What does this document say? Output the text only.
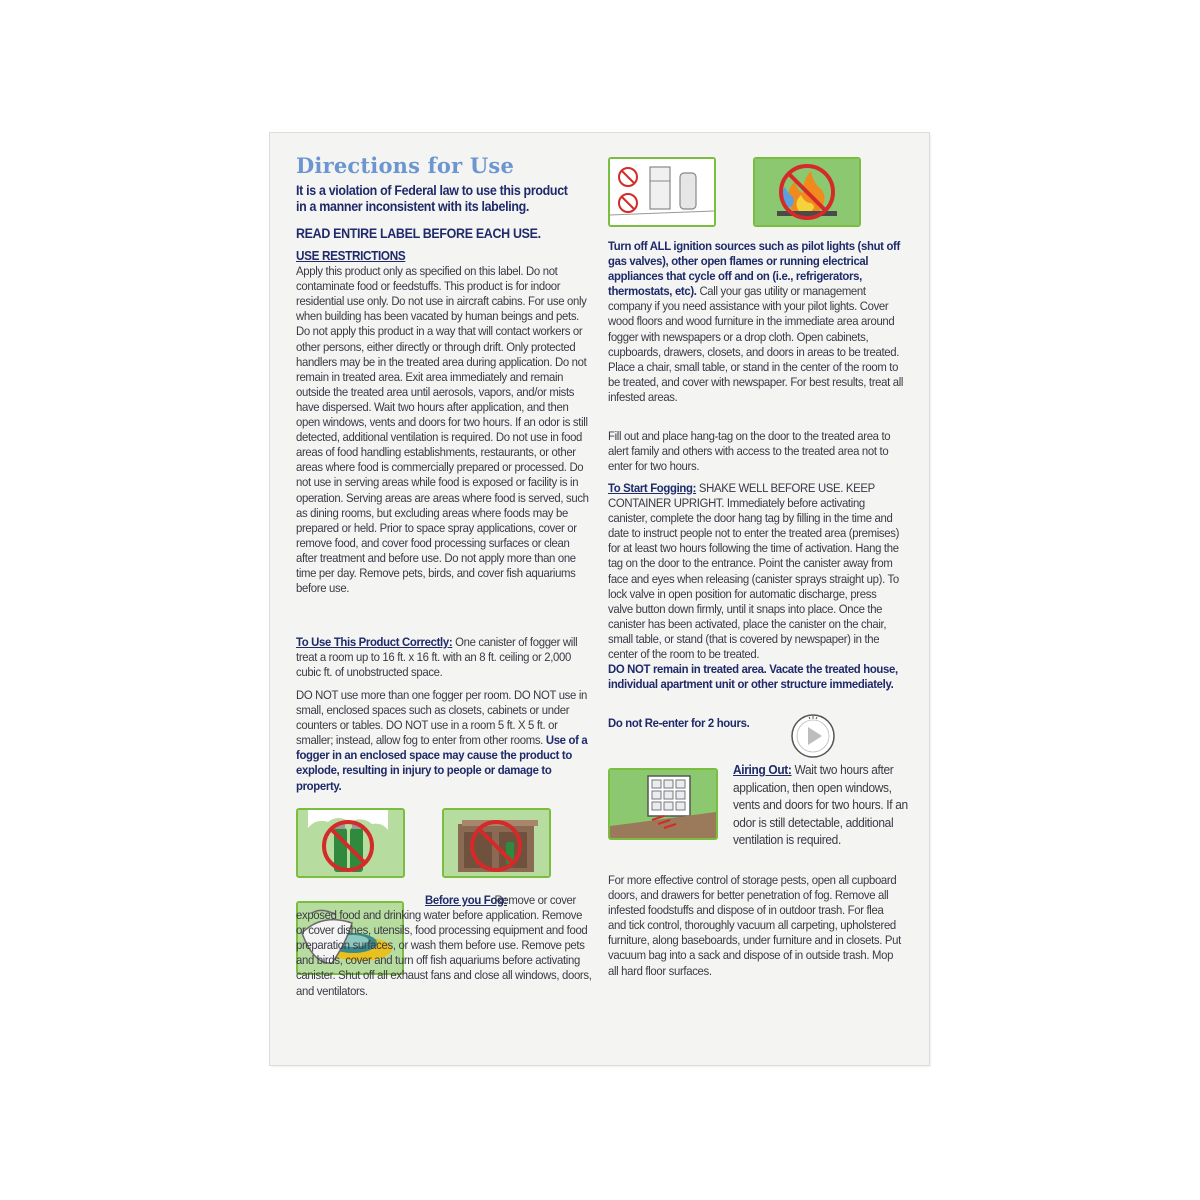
Directions for Use

It is a violation of Federal law to use this product in a manner inconsistent with its labeling.

READ ENTIRE LABEL BEFORE EACH USE.

USE RESTRICTIONS

Apply this product only as specified on this label. Do not contaminate food or feedstuffs. This product is for indoor residential use only. Do not use in aircraft cabins. For use only when building has been vacated by human beings and pets. Do not apply this product in a way that will contact workers or other persons, either directly or through drift. Only protected handlers may be in the treated area during application. Do not remain in treated area. Exit area immediately and remain outside the treated area until aerosols, vapors, and/or mists have dispersed. Wait two hours after application, and then open windows, vents and doors for two hours. If an odor is still detected, additional ventilation is required. Do not use in food areas of food handling establishments, restaurants, or other areas where food is commercially prepared or processed. Do not use in serving areas while food is exposed or facility is in operation. Serving areas are areas where food is served, such as dining rooms, but excluding areas where foods may be prepared or held. Prior to space spray applications, cover or remove food, and cover food processing surfaces or clean after treatment and before use. Do not apply more than one time per day. Remove pets, birds, and cover fish aquariums before use.

To Use This Product Correctly: One canister of fogger will treat a room up to 16 ft. x 16 ft. with an 8 ft. ceiling or 2,000 cubic ft. of unobstructed space.

DO NOT use more than one fogger per room. DO NOT use in small, enclosed spaces such as closets, cabinets or under counters or tables. DO NOT use in a room 5 ft. X 5 ft. or smaller; instead, allow fog to enter from other rooms. Use of a fogger in an enclosed space may cause the product to explode, resulting in injury to people or damage to property.

Before you Fog:

Remove or cover exposed food and drinking water before application. Remove or cover dishes, utensils, food processing equipment and food preparation surfaces, or wash them before use. Remove pets and birds, cover and turn off fish aquariums before activating canister. Shut off all exhaust fans and close all windows, doors, and ventilators.

Turn off ALL ignition sources such as pilot lights (shut off gas valves), other open flames or running electrical appliances that cycle off and on (i.e., refrigerators, thermostats, etc). Call your gas utility or management company if you need assistance with your pilot lights. Cover wood floors and wood furniture in the immediate area around fogger with newspapers or a drop cloth. Open cabinets, cupboards, drawers, closets, and doors in areas to be treated. Place a chair, small table, or stand in the center of the room to be treated, and cover with newspaper. For best results, treat all infested areas.

Fill out and place hang-tag on the door to the treated area to alert family and others with access to the treated area not to enter for two hours.

To Start Fogging: SHAKE WELL BEFORE USE. KEEP CONTAINER UPRIGHT. Immediately before activating canister, complete the door hang tag by filling in the time and date to instruct people not to enter the treated area (premises) for at least two hours following the time of activation. Hang the tag on the door to the entrance. Point the canister away from face and eyes when releasing (canister sprays straight up). To lock valve in open position for automatic discharge, press valve button down firmly, until it snaps into place. Once the canister has been activated, place the canister on the chair, small table, or stand (that is covered by newspaper) in the center of the room to be treated.
DO NOT remain in treated area. Vacate the treated house, individual apartment unit or other structure immediately.

Do not Re-enter for 2 hours.

Airing Out: Wait two hours after application, then open windows, vents and doors for two hours. If an odor is still detectable, additional ventilation is required.

For more effective control of storage pests, open all cupboard doors, and drawers for better penetration of fog. Remove all infested foodstuffs and dispose of in outdoor trash. For flea and tick control, thoroughly vacuum all carpeting, upholstered furniture, along baseboards, under furniture and in closets. Put vacuum bag into a sack and dispose of in outside trash. Mop all hard floor surfaces.
